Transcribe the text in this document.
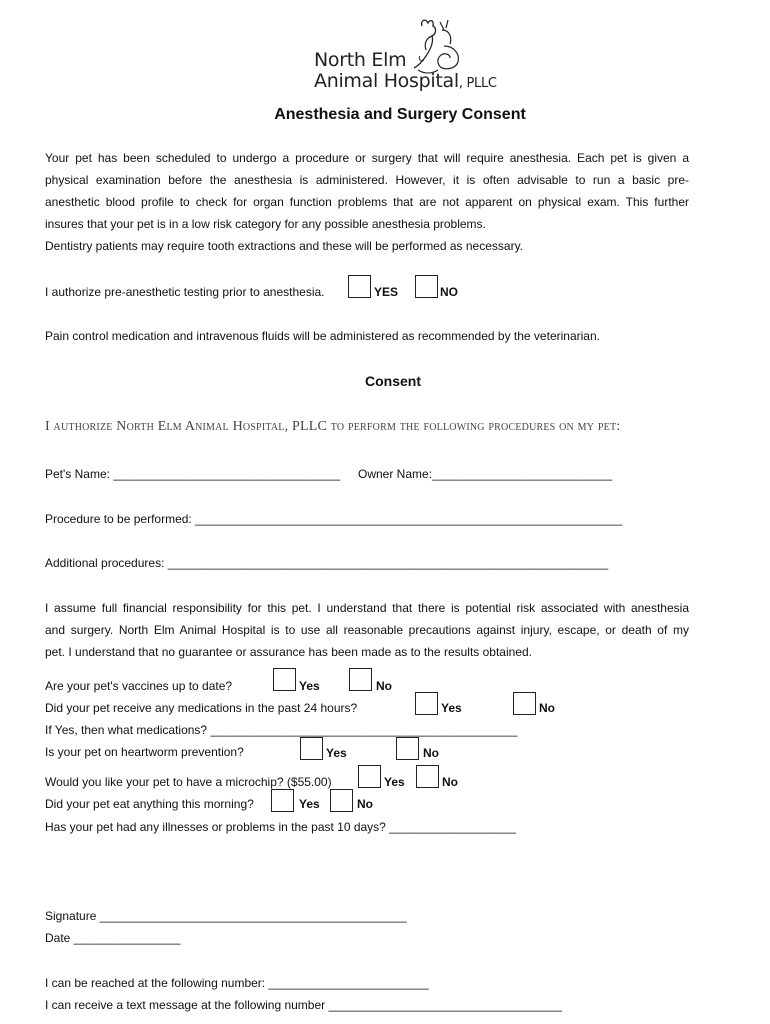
North Elm
Animal Hospital, PLLC
Anesthesia and Surgery Consent
Your pet has been scheduled to undergo a procedure or surgery that will require anesthesia. Each pet is given a
physical examination before the anesthesia is administered. However, it is often advisable to run a basic pre-
anesthetic blood profile to check for organ function problems that are not apparent on physical exam. This further
insures that your pet is in a low risk category for any possible anesthesia problems.
Dentistry patients may require tooth extractions and these will be performed as necessary.
I authorize pre-anesthetic testing prior to anesthesia.	YES	NO
Pain control medication and intravenous fluids will be administered as recommended by the veterinarian.
Consent
I authorize North Elm Animal Hospital, PLLC to perform the following procedures on my pet:
Pet's Name: __________________________________ Owner Name:___________________________
Procedure to be performed: ________________________________________________________________
Additional procedures: __________________________________________________________________
I assume full financial responsibility for this pet. I understand that there is potential risk associated with anesthesia
and surgery. North Elm Animal Hospital is to use all reasonable precautions against injury, escape, or death of my
pet. I understand that no guarantee or assurance has been made as to the results obtained.
Are your pet's vaccines up to date?	Yes	No
Did your pet receive any medications in the past 24 hours?	Yes	No
If Yes, then what medications? ______________________________________________
Is your pet on heartworm prevention?	Yes	No
Would you like your pet to have a microchip? ($55.00)	Yes	No
Did your pet eat anything this morning?	Yes	No
Has your pet had any illnesses or problems in the past 10 days? ___________________
Signature ______________________________________________
Date ________________
I can be reached at the following number: ________________________
I can receive a text message at the following number ___________________________________
